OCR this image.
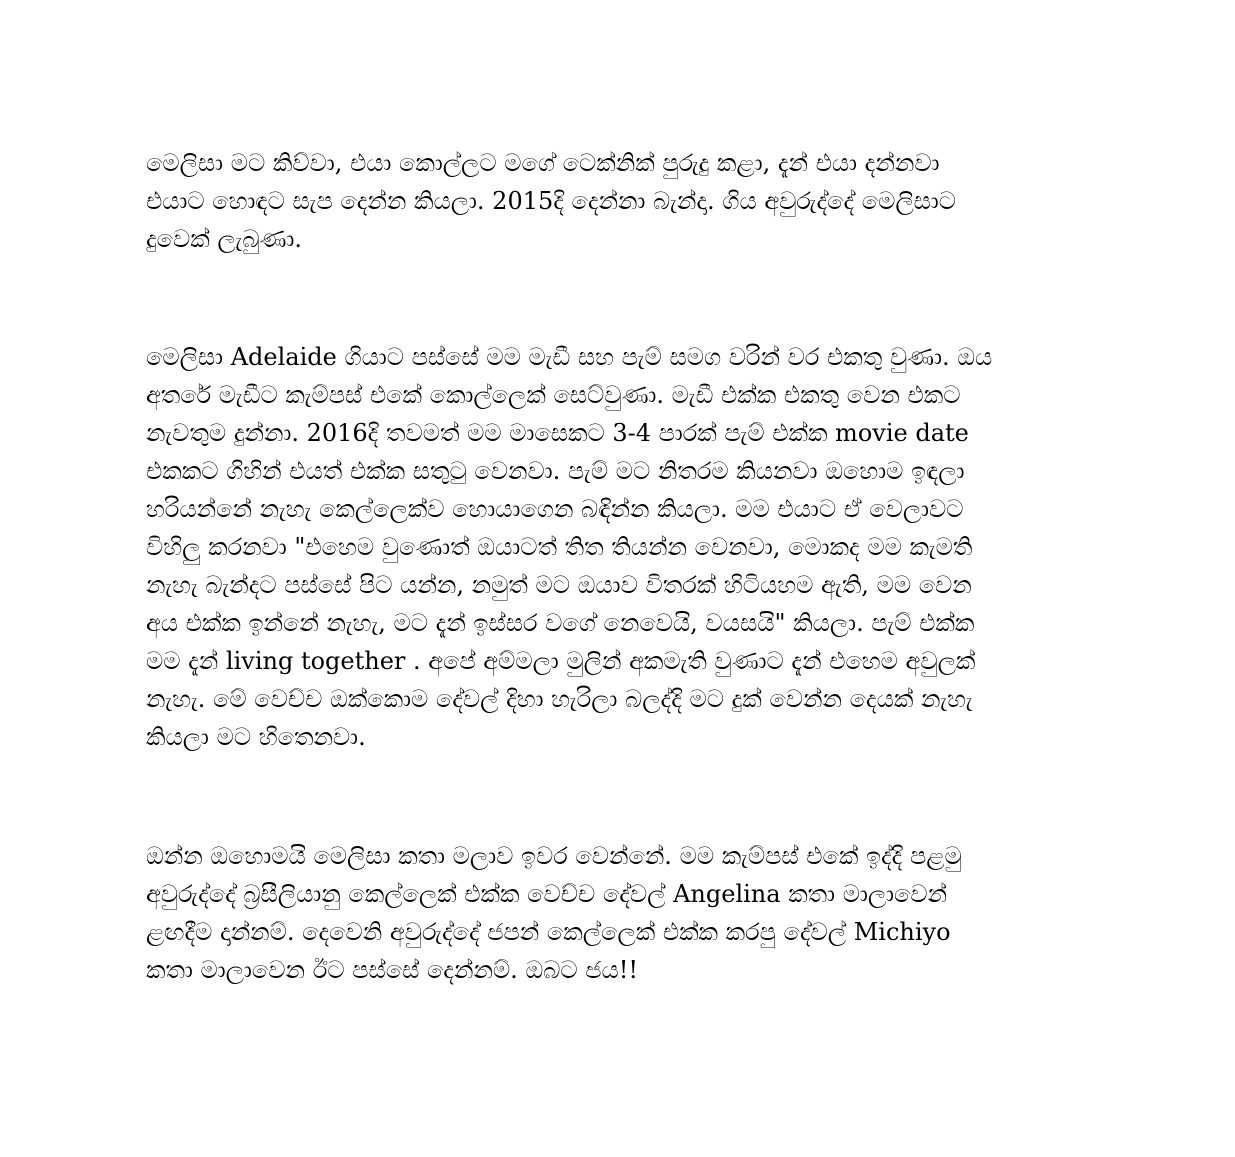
මෙලිසා මට කිව්වා, එයා කොල්ලට මගේ ටෙක්නික් පුරුදු කළා, දැන් එයා දන්නවා
එයාට හොඳට සැප දෙන්න කියලා. 2015දි දෙන්නා බැන්දා. ගිය අවුරුද්දේ මෙලිසාට
දුවෙක් ලැබුණා.
මෙලිසා Adelaide ගියාට පස්සේ මම මැඩී සහ පැම් සමග වරින් වර එකතු වුණා. ඔය
අතරේ මැඩීට කැම්පස් එකේ කොල්ලෙක් සෙට්වුණා. මැඩී එක්ක එකතු වෙන එකට
නැවතුම දුන්නා. 2016දි තවමත් මම මාසෙකට 3-4 පාරක් පැම් එක්ක movie date
එකකට ගිහින් එයත් එක්ක සතුටු වෙනවා. පැම් මට නිතරම කියනවා ඔහොම ඉඳලා
හරියන්නේ නැහැ කෙල්ලෙක්ව හොයාගෙන බඳින්න කියලා. මම එයාට ඒ වෙලාවට
විහිලු කරනවා "එහෙම වුණොත් ඔයාටත් තිත තියන්න වෙනවා, මොකද මම කැමති
නැහැ බැන්දට පස්සේ පිට යන්න, නමුත් මට ඔයාව විතරක් හිටියහම ඇති, මම වෙන
අය එක්ක ඉන්නේ නැහැ, මට දැන් ඉස්සර වගේ නෙවෙයි, වයසයි" කියලා. පැම් එක්ක
මම දැන් living together . අපේ අම්මලා මුලින් අකමැති වුණාට දැන් එහෙම අවුලක්
නැහැ. මේ වෙච්ච ඔක්කොම දේවල් දිහා හැරිලා බලද්දි මට දුක් වෙන්න දෙයක් නැහැ
කියලා මට හිතෙනවා.
ඔන්න ඔහොමයි මෙලිසා කතා මලාව ඉවර වෙන්නේ. මම කැම්පස් එකේ ඉද්දි පළමු
අවුරුද්දේ බ්‍රසීලියානු කෙල්ලෙක් එක්ක වෙච්ච දේවල් Angelina කතා මාලාවෙන්
ළඟදීම දාන්නම්. දෙවෙනි අවුරුද්දේ ජපන් කෙල්ලෙක් එක්ක කරපු දේවල් Michiyo
කතා මාලාවෙන ඊට පස්සේ දෙන්නම්. ඔබට ජය!!
